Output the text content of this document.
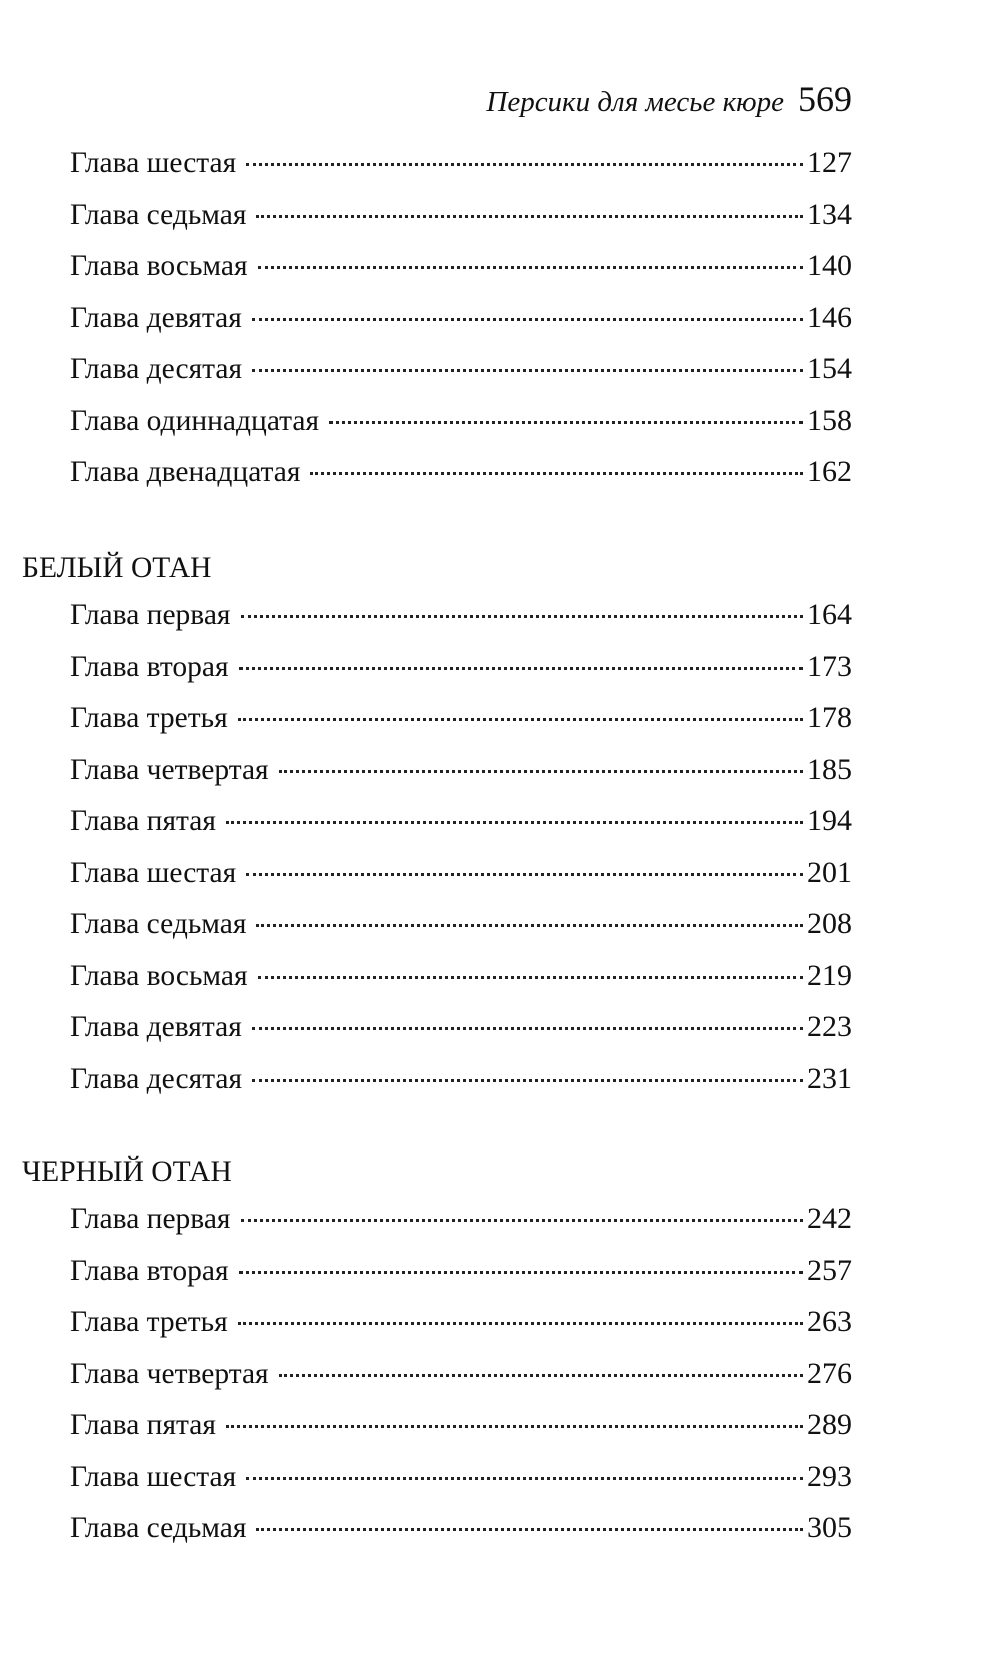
Персики для месье кюре 569
Глава шестая	127
Глава седьмая	134
Глава восьмая	140
Глава девятая	146
Глава десятая	154
Глава одиннадцатая	158
Глава двенадцатая	162
БЕЛЫЙ ОТАН
Глава первая	164
Глава вторая	173
Глава третья	178
Глава четвертая	185
Глава пятая	194
Глава шестая	201
Глава седьмая	208
Глава восьмая	219
Глава девятая	223
Глава десятая	231
ЧЕРНЫЙ ОТАН
Глава первая	242
Глава вторая	257
Глава третья	263
Глава четвертая	276
Глава пятая	289
Глава шестая	293
Глава седьмая	305
